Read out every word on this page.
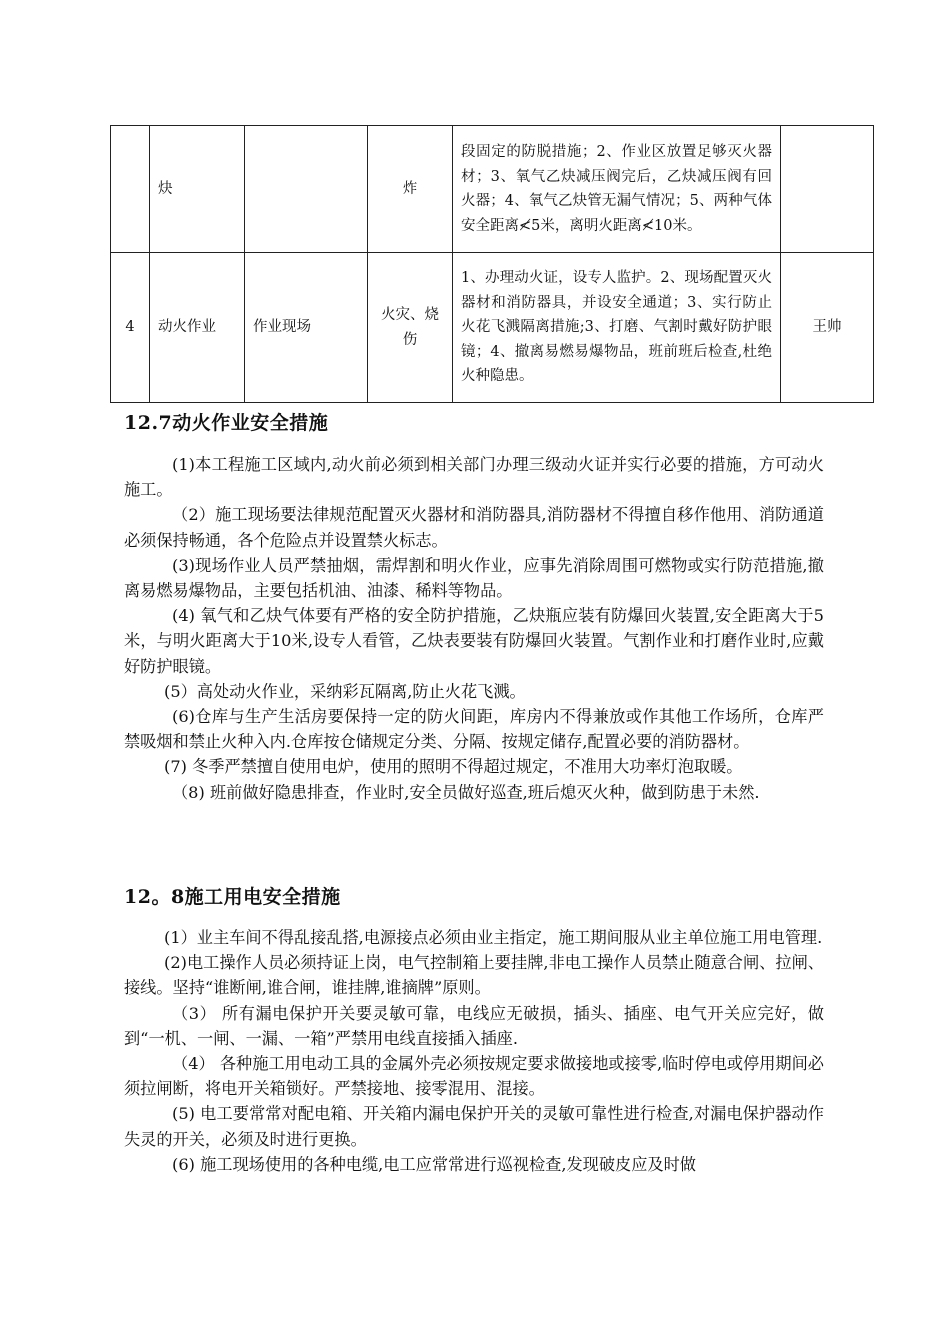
	炔		炸	段固定的防脱措施；2、作业区放置足够灭火器材；3、氧气乙炔减压阀完后，乙炔减压阀有回火器；4、氧气乙炔管无漏气情况；5、两种气体安全距离≮5米，离明火距离≮10米。	
4	动火作业	作业现场	火灾、烧伤	1、办理动火证，设专人监护。2、现场配置灭火器材和消防器具，并设安全通道；3、实行防止火花飞溅隔离措施;3、打磨、气割时戴好防护眼镜；4、撤离易燃易爆物品，班前班后检查,杜绝火种隐患。	王帅
12.7动火作业安全措施

(1)本工程施工区域内,动火前必须到相关部门办理三级动火证并实行必要的措施，方可动火施工。

（2）施工现场要法律规范配置灭火器材和消防器具,消防器材不得擅自移作他用、消防通道必须保持畅通，各个危险点并设置禁火标志。

(3)现场作业人员严禁抽烟，需焊割和明火作业，应事先消除周围可燃物或实行防范措施,撤离易燃易爆物品，主要包括机油、油漆、稀料等物品。

(4) 氧气和乙炔气体要有严格的安全防护措施，乙炔瓶应装有防爆回火装置,安全距离大于5米，与明火距离大于10米,设专人看管，乙炔表要装有防爆回火装置。气割作业和打磨作业时,应戴好防护眼镜。

(5）高处动火作业，采纳彩瓦隔离,防止火花飞溅。

(6)仓库与生产生活房要保持一定的防火间距，库房内不得兼放或作其他工作场所，仓库严禁吸烟和禁止火种入内.仓库按仓储规定分类、分隔、按规定储存,配置必要的消防器材。

(7) 冬季严禁擅自使用电炉，使用的照明不得超过规定，不准用大功率灯泡取暖。

（8) 班前做好隐患排查，作业时,安全员做好巡查,班后熄灭火种，做到防患于未然.

12。8施工用电安全措施

(1）业主车间不得乱接乱搭,电源接点必须由业主指定，施工期间服从业主单位施工用电管理.

(2)电工操作人员必须持证上岗，电气控制箱上要挂牌,非电工操作人员禁止随意合闸、拉闸、接线。坚持“谁断闸,谁合闸，谁挂牌,谁摘牌”原则。

（3） 所有漏电保护开关要灵敏可靠，电线应无破损，插头、插座、电气开关应完好，做到“一机、一闸、一漏、一箱”严禁用电线直接插入插座.

（4） 各种施工用电动工具的金属外壳必须按规定要求做接地或接零,临时停电或停用期间必须拉闸断，将电开关箱锁好。严禁接地、接零混用、混接。

(5) 电工要常常对配电箱、开关箱内漏电保护开关的灵敏可靠性进行检查,对漏电保护器动作失灵的开关，必须及时进行更换。

(6) 施工现场使用的各种电缆,电工应常常进行巡视检查,发现破皮应及时做
